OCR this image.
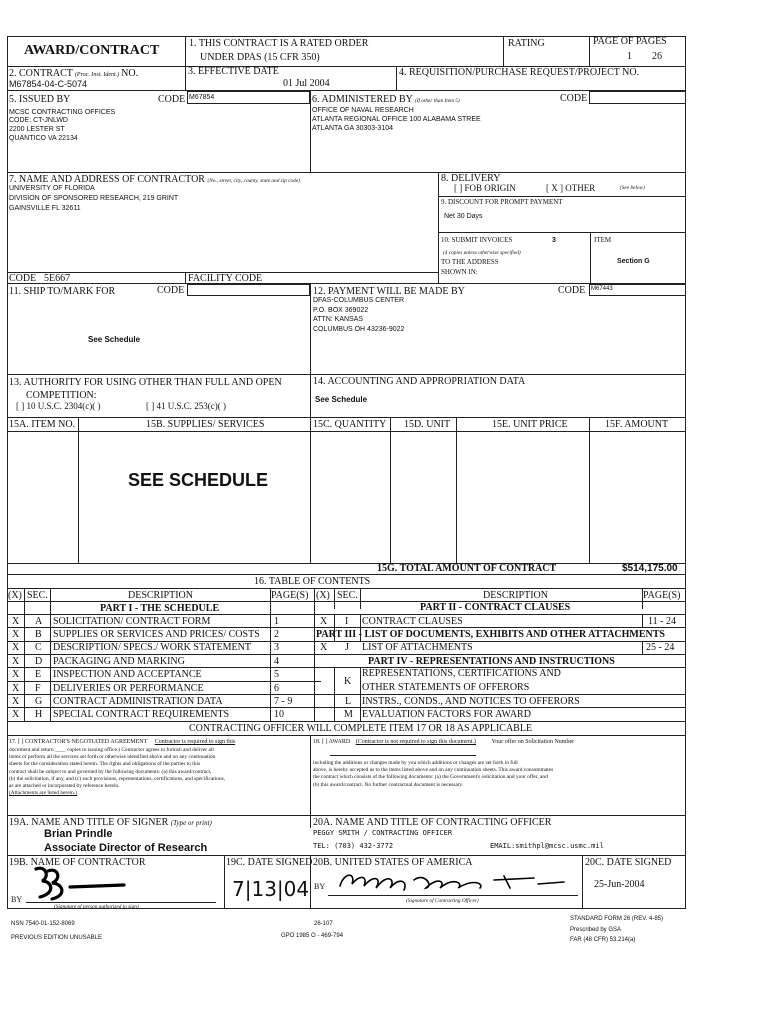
AWARD/CONTRACT	1. THIS CONTRACT IS A RATED ORDER
UNDER DPAS (15 CFR 350)
RATING	PAGE OF PAGES
1 26
2. CONTRACT (Proc. Inst. Ident.) NO.
M67854-04-C-5074
3. EFFECTIVE DATE
01 Jul 2004
4. REQUISITION/PURCHASE REQUEST/PROJECT NO.
5. ISSUED BY	CODE M67854
MCSC CONTRACTING OFFICES
CODE: CT-JNLWD
2200 LESTER ST
QUANTICO VA 22134
6. ADMINISTERED BY (If other than Item 5)	CODE
OFFICE OF NAVAL RESEARCH
ATLANTA REGIONAL OFFICE 100 ALABAMA STREE
ATLANTA GA 30303-3104
7. NAME AND ADDRESS OF CONTRACTOR (No., street, city, county, state and zip code)
UNIVERSITY OF FLORIDA
DIVISION OF SPONSORED RESEARCH, 219 GRINT
GAINSVILLE FL 32611
CODE 5E667	FACILITY CODE
8. DELIVERY
[ ] FOB ORIGIN	[ X ] OTHER	(See below)
9. DISCOUNT FOR PROMPT PAYMENT
Net 30 Days
10. SUBMIT INVOICES	3
(4 copies unless otherwise specified)
TO THE ADDRESS
SHOWN IN:
ITEM
Section G
11. SHIP TO/MARK FOR	CODE
See Schedule
12. PAYMENT WILL BE MADE BY	CODE M67443
DFAS-COLUMBUS CENTER
P.O. BOX 369022
ATTN: KANSAS
COLUMBUS OH 43236-9022
13. AUTHORITY FOR USING OTHER THAN FULL AND OPEN
COMPETITION:
[ ] 10 U.S.C. 2304(c)( )	[ ] 41 U.S.C. 253(c)( )
14. ACCOUNTING AND APPROPRIATION DATA
See Schedule
15A. ITEM NO.	15B. SUPPLIES/ SERVICES	15C. QUANTITY 15D. UNIT	15E. UNIT PRICE	15F. AMOUNT
SEE SCHEDULE
15G. TOTAL AMOUNT OF CONTRACT	$514,175.00
16. TABLE OF CONTENTS
(X) SEC.	DESCRIPTION	PAGE(S) (X) SEC.	DESCRIPTION	PAGE(S)
PART I - THE SCHEDULE	PART II - CONTRACT CLAUSES
X A SOLICITATION/ CONTRACT FORM	1
X B SUPPLIES OR SERVICES AND PRICES/ COSTS 2
X C DESCRIPTION/ SPECS./ WORK STATEMENT 3
X D PACKAGING AND MARKING	4
X E INSPECTION AND ACCEPTANCE	5
X F DELIVERIES OR PERFORMANCE	6
X G CONTRACT ADMINISTRATION DATA	7 - 9
X H SPECIAL CONTRACT REQUIREMENTS	10
X I CONTRACT CLAUSES	11 - 24
PART III - LIST OF DOCUMENTS, EXHIBITS AND OTHER ATTACHMENTS
X J LIST OF ATTACHMENTS	25 - 24
PART IV - REPRESENTATIONS AND INSTRUCTIONS
K
REPRESENTATIONS, CERTIFICATIONS AND
OTHER STATEMENTS OF OFFERORS
L INSTRS., CONDS., AND NOTICES TO OFFERORS
M EVALUATION FACTORS FOR AWARD
CONTRACTING OFFICER WILL COMPLETE ITEM 17 OR 18 AS APPLICABLE
17. [ ] CONTRACTOR'S NEGOTIATED AGREEMENT Contractor is required to sign this
document and return ____ copies to issuing office.) Contractor agrees to furnish and deliver all
items or perform all the services set forth or otherwise identified above and on any continuation
sheets for the consideration stated herein. The rights and obligations of the parties to this
contract shall be subject to and governed by the following documents: (a) this award/contract,
(b) the solicitation, if any, and (c) such provisions, representations, certifications, and specifications,
as are attached or incorporated by reference herein.
(Attachments are listed herein.)
18. [ ] AWARD (Contractor is not required to sign this document.)	Your offer on Solicitation Number
including the additions or changes made by you which additions or changes are set forth in full
above, is hereby accepted as to the items listed above and on any continuation sheets. This award consummates
the contract which consists of the following documents: (a) the Government's solicitation and your offer, and
(b) this award/contract. No further contractual document is necessary.
19A. NAME AND TITLE OF SIGNER (Type or print)
Brian Prindle
Associate Director of Research
20A. NAME AND TITLE OF CONTRACTING OFFICER
PEGGY SMITH / CONTRACTING OFFICER
TEL: (703) 432-3772	EMAIL:smithpl@mcsc.usmc.mil
19B. NAME OF CONTRACTOR
BY
(Signature of person authorized to sign)
19C. DATE SIGNED
7|13|04
20B. UNITED STATES OF AMERICA
BY
(Signature of Contracting Officer)
20C. DATE SIGNED
25-Jun-2004
NSN 7540-01-152-8069
PREVIOUS EDITION UNUSABLE
26-107
GPO 1985 O - 469-794
STANDARD FORM 26 (REV. 4-85)
Prescribed by GSA
FAR (48 CFR) 53.214(a)
